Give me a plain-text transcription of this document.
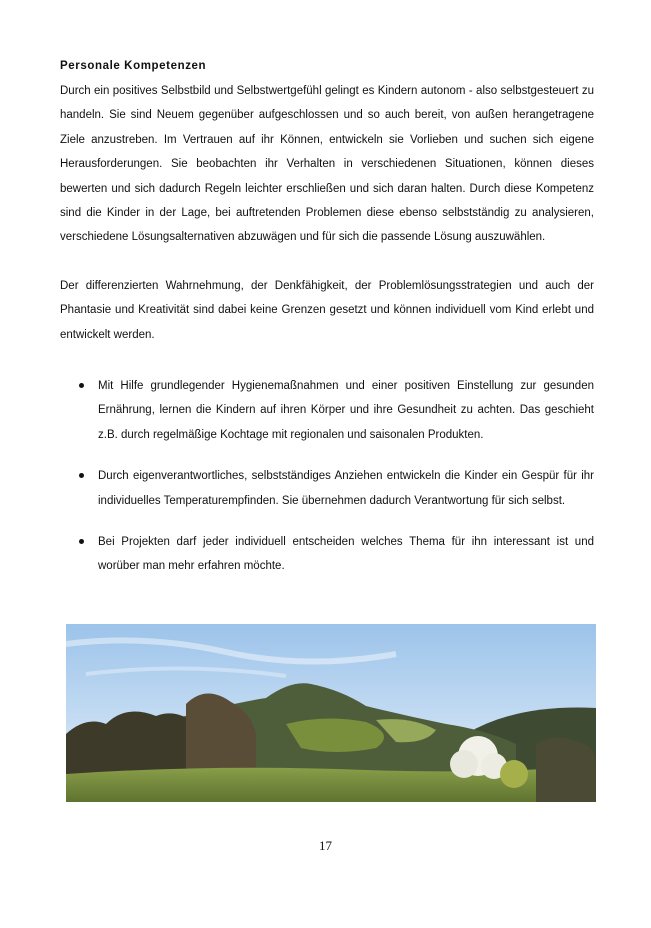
Personale Kompetenzen
Durch ein positives Selbstbild und Selbstwertgefühl gelingt es Kindern autonom - also selbstgesteuert zu handeln. Sie sind Neuem gegenüber aufgeschlossen und so auch bereit, von außen herangetragene Ziele anzustreben. Im Vertrauen auf ihr Können, entwickeln sie Vorlieben und suchen sich eigene Herausforderungen. Sie beobachten ihr Verhalten in verschiedenen Situationen, können dieses bewerten und sich dadurch Regeln leichter erschließen und sich daran halten. Durch diese Kompetenz sind die Kinder in der Lage, bei auftretenden Problemen diese ebenso selbstständig zu analysieren, verschiedene Lösungsalternativen abzuwägen und für sich die passende Lösung auszuwählen.
Der differenzierten Wahrnehmung, der Denkfähigkeit, der Problemlösungsstrategien und auch der Phantasie und Kreativität sind dabei keine Grenzen gesetzt und können individuell vom Kind erlebt und entwickelt werden.
Mit Hilfe grundlegender Hygienemaßnahmen und einer positiven Einstellung zur gesunden Ernährung, lernen die Kindern auf ihren Körper und ihre Gesundheit zu achten. Das geschieht z.B. durch regelmäßige Kochtage mit regionalen und saisonalen Produkten.
Durch eigenverantwortliches, selbstständiges Anziehen entwickeln die Kinder ein Gespür für ihr individuelles Temperaturempfinden. Sie übernehmen dadurch Verantwortung für sich selbst.
Bei Projekten darf jeder individuell entscheiden welches Thema für ihn interessant ist und worüber man mehr erfahren möchte.
17
